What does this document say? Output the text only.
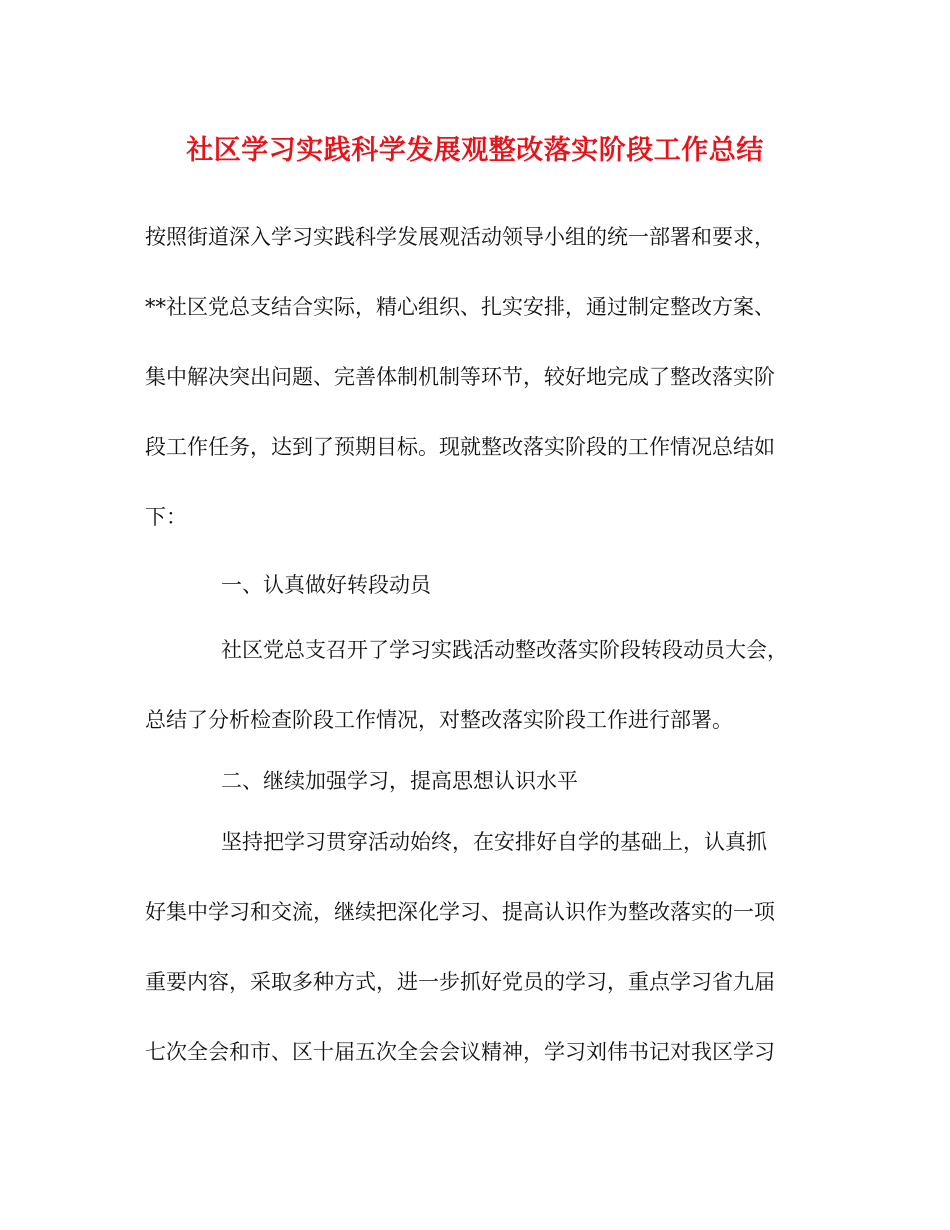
社区学习实践科学发展观整改落实阶段工作总结
按照街道深入学习实践科学发展观活动领导小组的统一部署和要求，
**社区党总支结合实际，精心组织、扎实安排，通过制定整改方案、
集中解决突出问题、完善体制机制等环节，较好地完成了整改落实阶
段工作任务，达到了预期目标。现就整改落实阶段的工作情况总结如
下：
一、认真做好转段动员
社区党总支召开了学习实践活动整改落实阶段转段动员大会，
总结了分析检查阶段工作情况，对整改落实阶段工作进行部署。
二、继续加强学习，提高思想认识水平
坚持把学习贯穿活动始终，在安排好自学的基础上，认真抓
好集中学习和交流，继续把深化学习、提高认识作为整改落实的一项
重要内容，采取多种方式，进一步抓好党员的学习，重点学习省九届
七次全会和市、区十届五次全会会议精神，学习刘伟书记对我区学习
